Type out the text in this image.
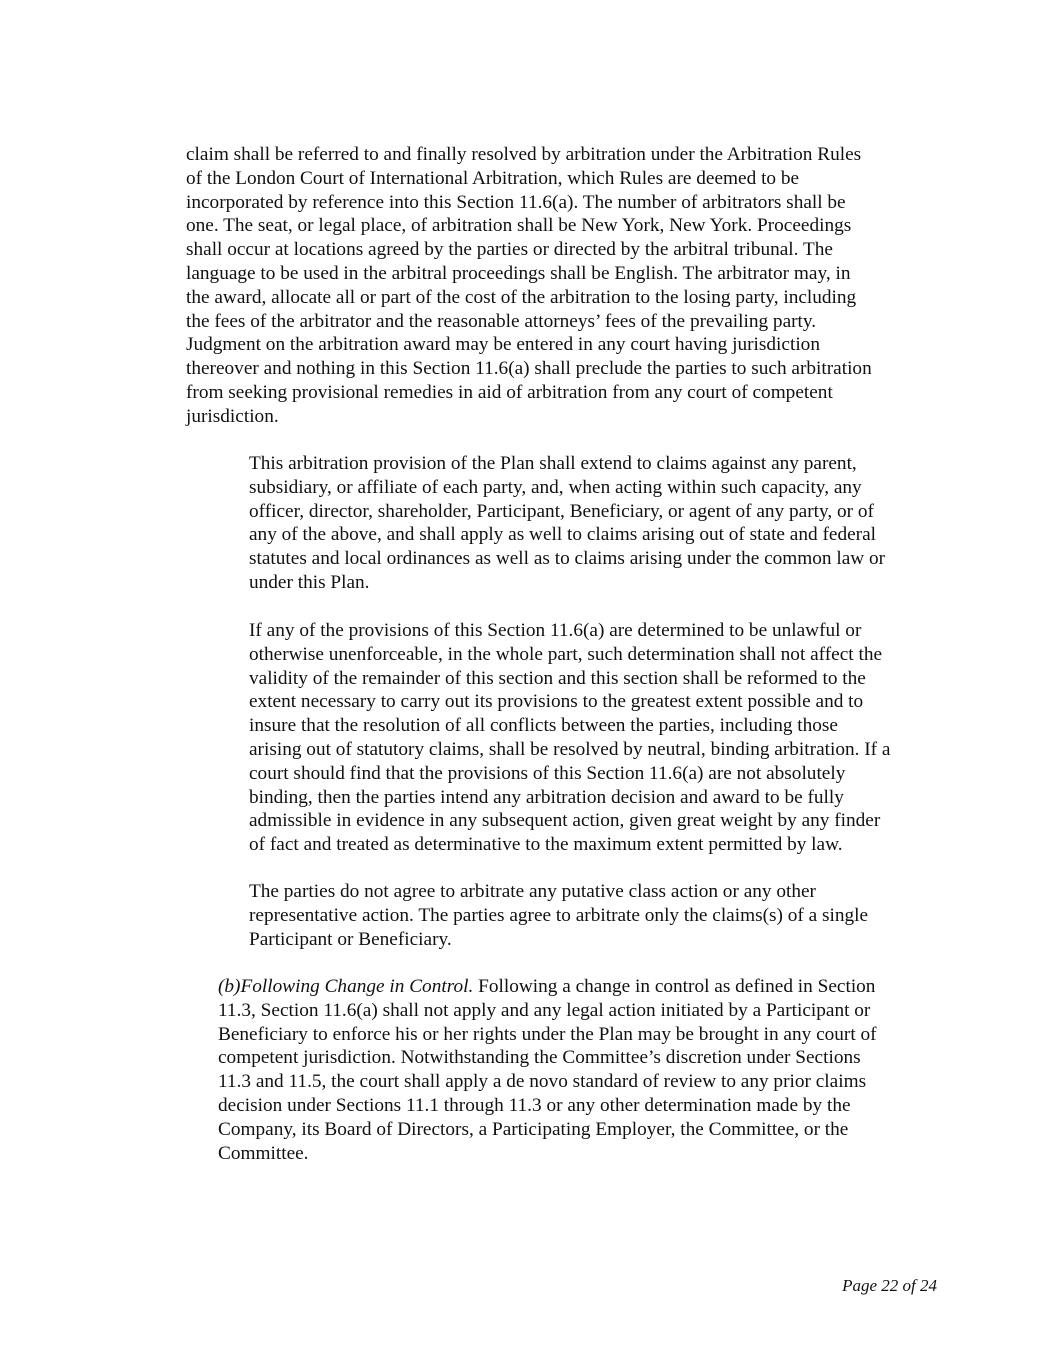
claim shall be referred to and finally resolved by arbitration under the Arbitration Rules
of the London Court of International Arbitration, which Rules are deemed to be
incorporated by reference into this Section 11.6(a). The number of arbitrators shall be
one. The seat, or legal place, of arbitration shall be New York, New York. Proceedings
shall occur at locations agreed by the parties or directed by the arbitral tribunal. The
language to be used in the arbitral proceedings shall be English. The arbitrator may, in
the award, allocate all or part of the cost of the arbitration to the losing party, including
the fees of the arbitrator and the reasonable attorneys’ fees of the prevailing party.
Judgment on the arbitration award may be entered in any court having jurisdiction
thereover and nothing in this Section 11.6(a) shall preclude the parties to such arbitration
from seeking provisional remedies in aid of arbitration from any court of competent
jurisdiction.

This arbitration provision of the Plan shall extend to claims against any parent,
subsidiary, or affiliate of each party, and, when acting within such capacity, any
officer, director, shareholder, Participant, Beneficiary, or agent of any party, or of
any of the above, and shall apply as well to claims arising out of state and federal
statutes and local ordinances as well as to claims arising under the common law or
under this Plan.

If any of the provisions of this Section 11.6(a) are determined to be unlawful or
otherwise unenforceable, in the whole part, such determination shall not affect the
validity of the remainder of this section and this section shall be reformed to the
extent necessary to carry out its provisions to the greatest extent possible and to
insure that the resolution of all conflicts between the parties, including those
arising out of statutory claims, shall be resolved by neutral, binding arbitration. If a
court should find that the provisions of this Section 11.6(a) are not absolutely
binding, then the parties intend any arbitration decision and award to be fully
admissible in evidence in any subsequent action, given great weight by any finder
of fact and treated as determinative to the maximum extent permitted by law.

The parties do not agree to arbitrate any putative class action or any other
representative action. The parties agree to arbitrate only the claims(s) of a single
Participant or Beneficiary.

(b)Following Change in Control. Following a change in control as defined in Section
11.3, Section 11.6(a) shall not apply and any legal action initiated by a Participant or
Beneficiary to enforce his or her rights under the Plan may be brought in any court of
competent jurisdiction. Notwithstanding the Committee’s discretion under Sections
11.3 and 11.5, the court shall apply a de novo standard of review to any prior claims
decision under Sections 11.1 through 11.3 or any other determination made by the
Company, its Board of Directors, a Participating Employer, the Committee, or the
Committee.

Page 22 of 24
